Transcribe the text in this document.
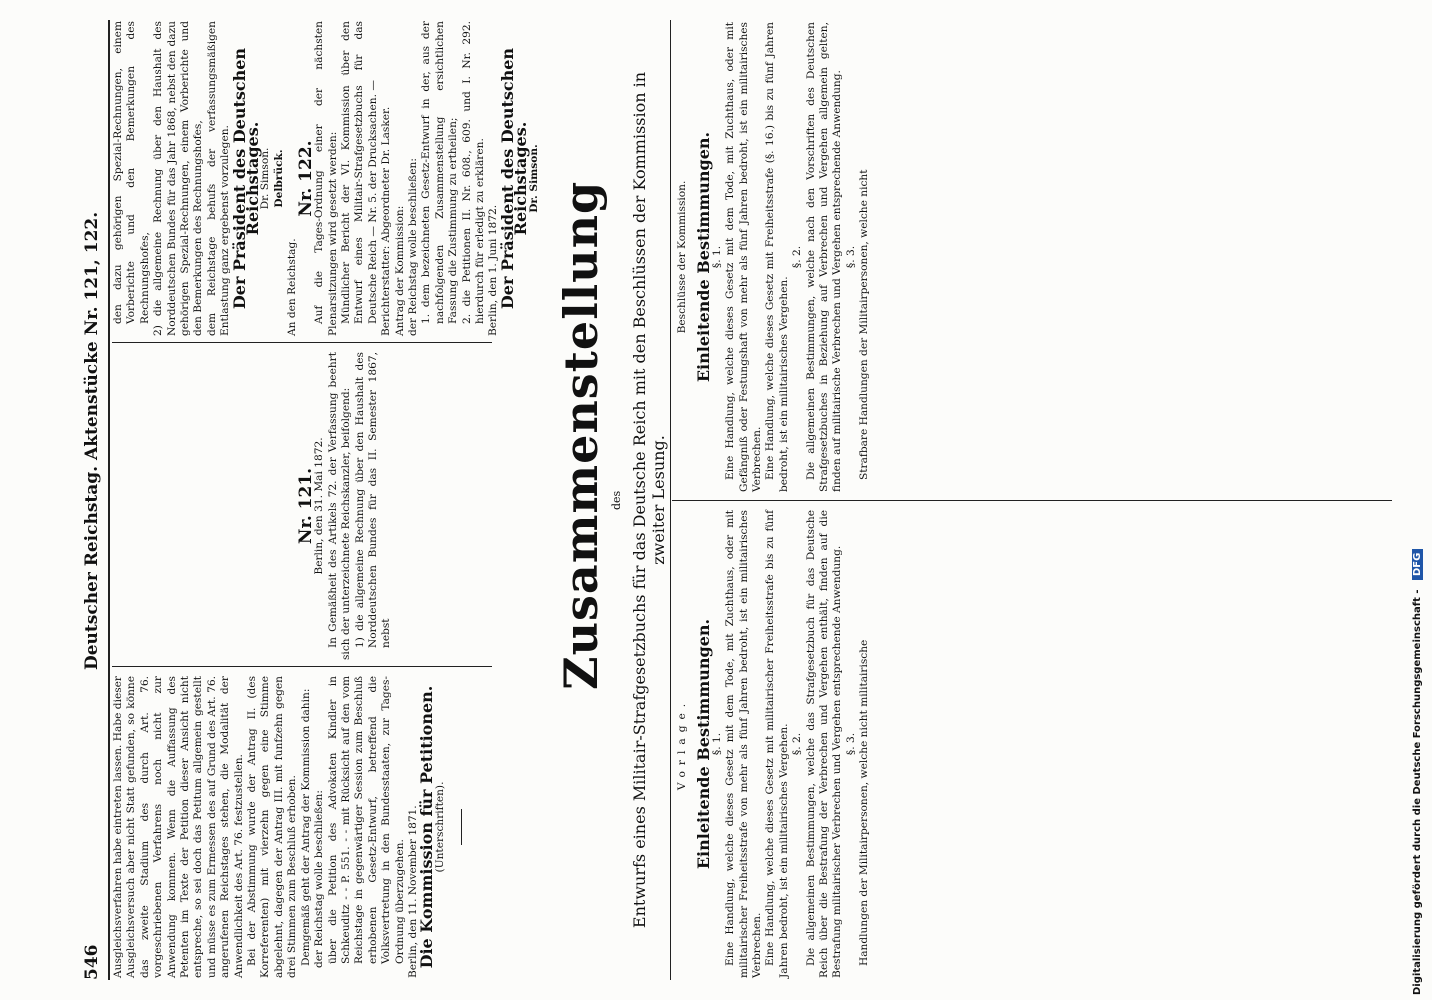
546
Deutscher Reichstag. Aktenstücke Nr. 121, 122.

Ausgleichsverfahren habe eintreten lassen. Habe dieser Ausgleichsversuch aber nicht Statt gefunden, so könne das zweite Stadium des durch Art. 76. vorgeschriebenen Verfahrens noch nicht zur Anwendung kommen. Wenn die Auffassung des Petenten im Texte der Petition dieser Ansicht nicht entspreche, so sei doch das Petitum allgemein gestellt und müsse es zum Ermessen des auf Grund des Art. 76. angerufenen Reichstages stehen, die Modalität der Anwendlichkeit des Art. 76. festzustellen. Bei der Abstimmung wurde der Antrag II. (des Korreferenten) mit vierzehn gegen eine Stimme abgelehnt, dagegen der Antrag III. mit funfzehn gegen drei Stimmen zum Beschluß erhoben. Demgemäß geht der Antrag der Kommission dahin: der Reichstag wolle beschließen: über die Petition des Advokaten Kindler in Schkeuditz - - P. 551. - - mit Rücksicht auf den vom Reichstage in gegenwärtiger Session zum Beschluß erhobenen Gesetz-Entwurf, betreffend die Volksvertretung in den Bundesstaaten, zur Tages-Ordnung überzugehen. Berlin, den 11. November 1871.

Die Kommission für Petitionen.

(Unterschriften).

Nr. 121.

Berlin, den 31. Mai 1872. In Gemäßheit des Artikels 72. der Verfassung beehrt sich der unterzeichnete Reichskanzler, beifolgend: 1) die allgemeine Rechnung über den Haushalt des Norddeutschen Bundes für das II. Semester 1867, nebst

den dazu gehörigen Spezial-Rechnungen, einem Vorberichte und den Bemerkungen des Rechnungshofes, 2) die allgemeine Rechnung über den Haushalt des Norddeutschen Bundes für das Jahr 1868, nebst den dazu gehörigen Spezial-Rechnungen, einem Vorberichte und den Bemerkungen des Rechnungshofes, dem Reichstage behufs der verfassungsmäßigen Entlastung ganz ergebenst vorzulegen.

Der Präsident des Deutschen Reichstages.

Dr. Simson. Delbrück.

An den Reichstag.

Nr. 122.

Auf die Tages-Ordnung einer der nächsten Plenarsitzungen wird gesetzt werden: Mündlicher Bericht der VI. Kommission über den Entwurf eines Militair-Strafgesetzbuchs für das Deutsche Reich — Nr. 5. der Drucksachen. — Berichterstatter: Abgeordneter Dr. Lasker. Antrag der Kommission: der Reichstag wolle beschließen: 1. dem bezeichneten Gesetz-Entwurf in der, aus der nachfolgenden Zusammenstellung ersichtlichen Fassung die Zustimmung zu ertheilen; 2. die Petitionen II. Nr. 608., 609. und I. Nr. 292. hierdurch für erledigt zu erklären. Berlin, den 1. Juni 1872.

Der Präsident des Deutschen Reichstages.

Dr. Simson.

Zusammenstellung des Entwurfs eines Militair-Strafgesetzbuchs für das Deutsche Reich mit den Beschlüssen der Kommission in zweiter Lesung.

Vorlage. Einleitende Bestimmungen.

§. 1. Eine Handlung, welche dieses Gesetz mit dem Tode, mit Zuchthaus, oder mit militairischer Freiheitsstrafe von mehr als fünf Jahren bedroht, ist ein militairisches Verbrechen. Eine Handlung, welche dieses Gesetz mit militairischer Freiheitsstrafe bis zu fünf Jahren bedroht, ist ein militairisches Vergehen. §. 2. Die allgemeinen Bestimmungen, welche das Strafgesetzbuch für das Deutsche Reich über die Bestrafung der Verbrechen und Vergehen enthält, finden auf die Bestrafung militairischer Verbrechen und Vergehen entsprechende Anwendung. §. 3. Handlungen der Militairpersonen, welche nicht militairische

Beschlüsse der Kommission. Einleitende Bestimmungen.

§. 1. Eine Handlung, welche dieses Gesetz mit dem Tode, mit Zuchthaus, oder mit Gefängniß oder Festungshaft von mehr als fünf Jahren bedroht, ist ein militairisches Verbrechen. Eine Handlung, welche dieses Gesetz mit Freiheitsstrafe (§. 16.) bis zu fünf Jahren bedroht, ist ein militairisches Vergehen.

§. 2. Die allgemeinen Bestimmungen, welche nach den Vorschriften des Deutschen Strafgesetzbuches in Beziehung auf Verbrechen und Vergehen allgemein gelten, finden auf militairische Verbrechen und Vergehen entsprechende Anwendung. §. 3. Strafbare Handlungen der Militairpersonen, welche nicht

Digitalisierung gefördert durch die Deutsche Forschungsgemeinschaft - DFG
